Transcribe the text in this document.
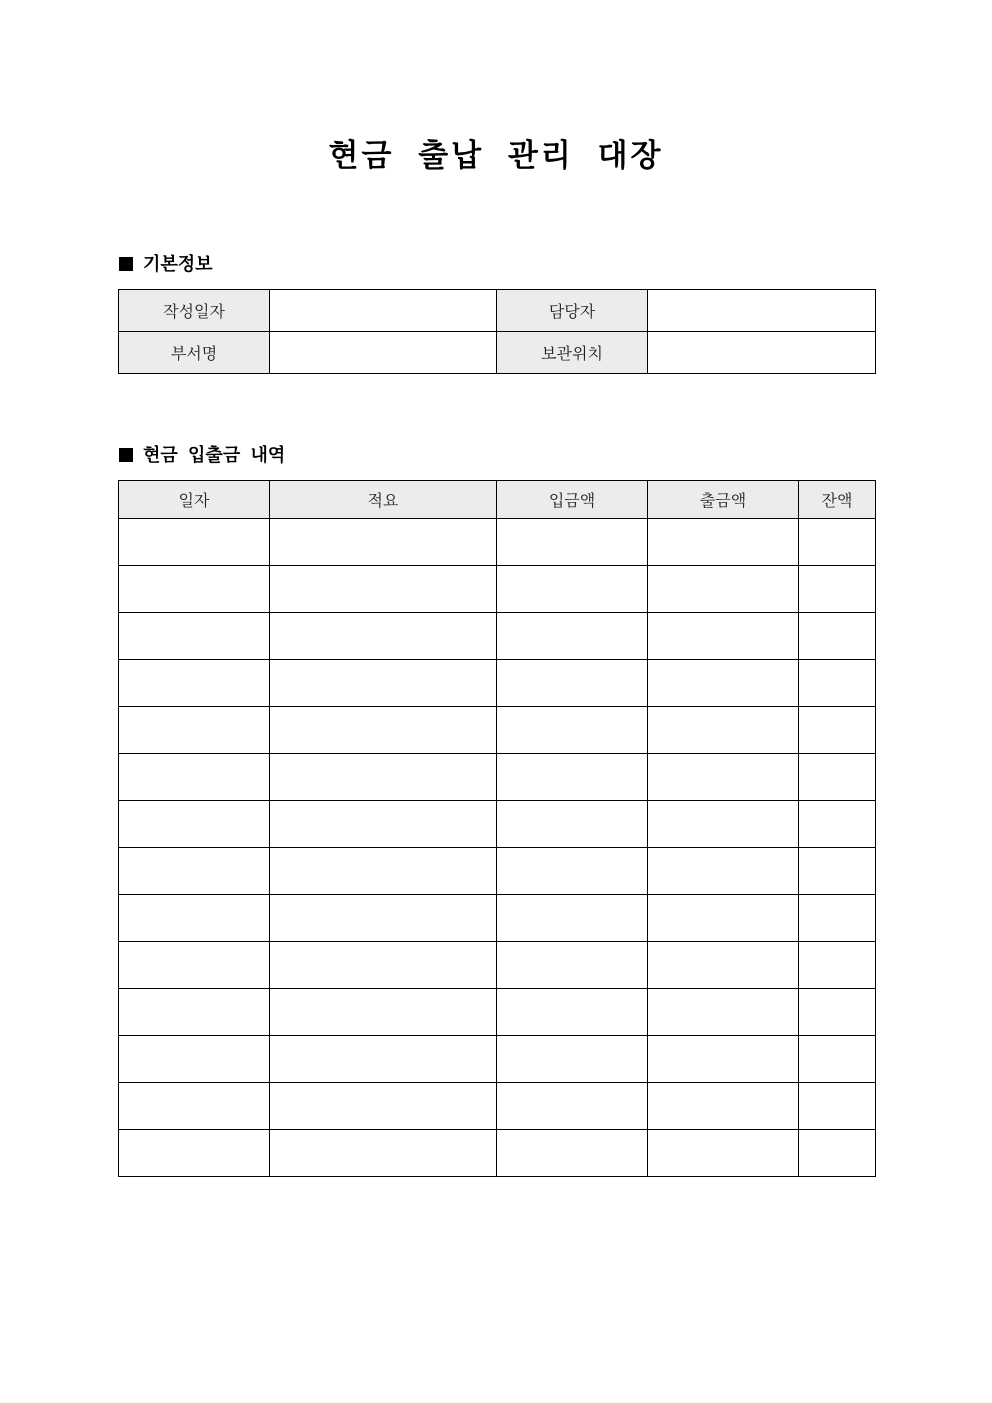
현금 출납 관리 대장
기본정보
작성일자		담당자	
부서명		보관위치	
현금 입출금 내역
일자	적요	입금액	출금액	잔액
